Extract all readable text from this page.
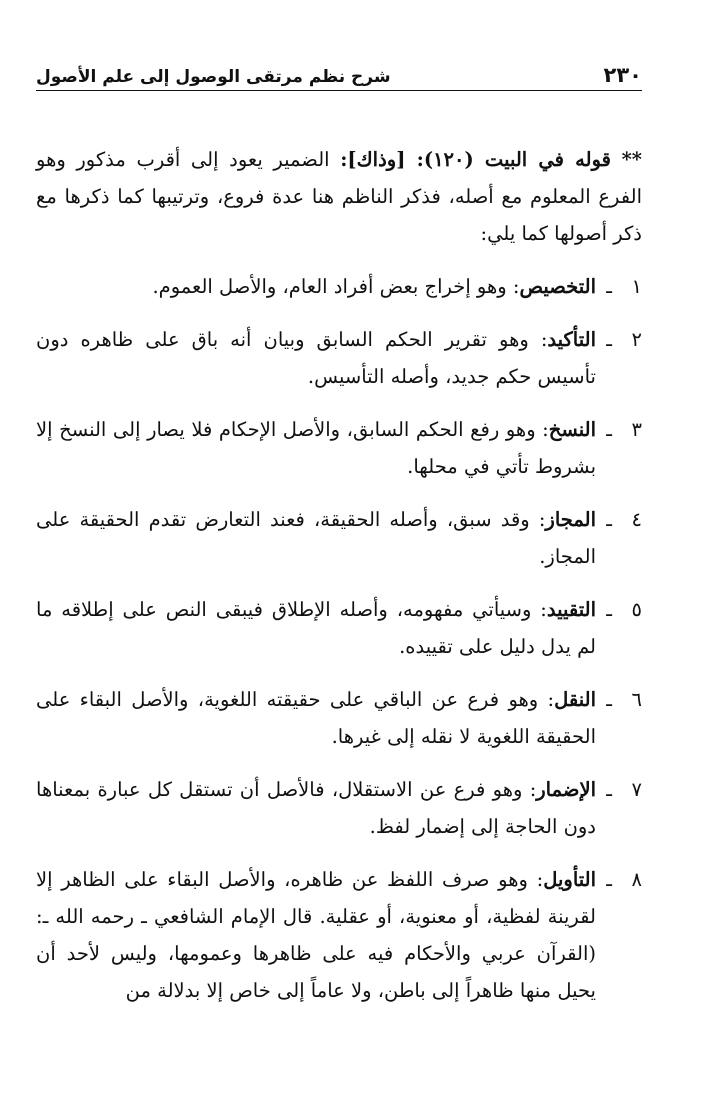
٢٣٠
شرح نظم مرتقى الوصول إلى علم الأصول

** قوله في البيت (١٢٠): [وذاك]: الضمير يعود إلى أقرب مذكور وهو الفرع المعلوم مع أصله، فذكر الناظم هنا عدة فروع، وترتيبها كما ذكرها مع ذكر أصولها كما يلي:

١
ـ
التخصيص: وهو إخراج بعض أفراد العام، والأصل العموم.
٢
ـ
التأكيد: وهو تقرير الحكم السابق وبيان أنه باق على ظاهره دون تأسيس حكم جديد، وأصله التأسيس.
٣
ـ
النسخ: وهو رفع الحكم السابق، والأصل الإحكام فلا يصار إلى النسخ إلا بشروط تأتي في محلها.
٤
ـ
المجاز: وقد سبق، وأصله الحقيقة، فعند التعارض تقدم الحقيقة على المجاز.
٥
ـ
التقييد: وسيأتي مفهومه، وأصله الإطلاق فيبقى النص على إطلاقه ما لم يدل دليل على تقييده.
٦
ـ
النقل: وهو فرع عن الباقي على حقيقته اللغوية، والأصل البقاء على الحقيقة اللغوية لا نقله إلى غيرها.
٧
ـ
الإضمار: وهو فرع عن الاستقلال، فالأصل أن تستقل كل عبارة بمعناها دون الحاجة إلى إضمار لفظ.
٨
ـ
التأويل: وهو صرف اللفظ عن ظاهره، والأصل البقاء على الظاهر إلا لقرينة لفظية، أو معنوية، أو عقلية. قال الإمام الشافعي ـ رحمه الله ـ: (القرآن عربي والأحكام فيه على ظاهرها وعمومها، وليس لأحد أن يحيل منها ظاهراً إلى باطن، ولا عاماً إلى خاص إلا بدلالة من
